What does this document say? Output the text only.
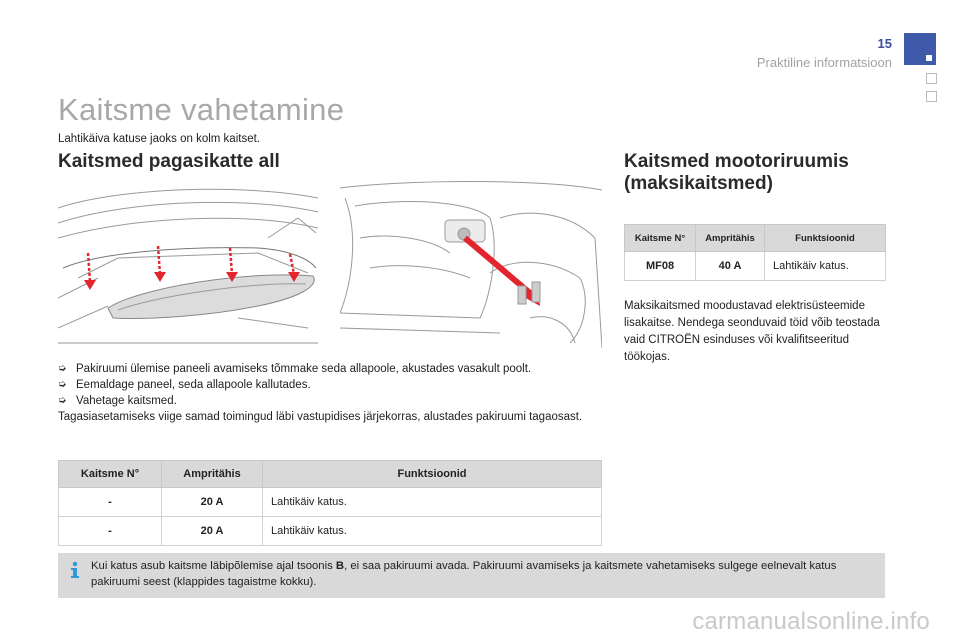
15
Praktiline informatsioon
Kaitsme vahetamine
Lahtikäiva katuse jaoks on kolm kaitset.
Kaitsmed pagasikatte all	Kaitsmed mootoriruumis (maksikaitsmed)
➭ Pakiruumi ülemise paneeli avamiseks tõmmake seda allapoole, akustades vasakult poolt.
➭ Eemaldage paneel, seda allapoole kallutades.
➭ Vahetage kaitsmed.
Tagasiasetamiseks viige samad toimingud läbi vastupidises järjekorras, alustades pakiruumi tagaosast.
Kaitsme N°	Ampritähis	Funktsioonid
-	20 A	Lahtikäiv katus.
-	20 A	Lahtikäiv katus.
Kaitsme N°	Ampritähis	Funktsioonid
MF08	40 A	Lahtikäiv katus.
Maksikaitsmed moodustavad elektrisüsteemide lisakaitse. Nendega seonduvaid töid võib teostada vaid CITROËN esinduses või kvalifitseeritud töökojas.
Kui katus asub kaitsme läbipõlemise ajal tsoonis B, ei saa pakiruumi avada. Pakiruumi avamiseks ja kaitsmete vahetamiseks sulgege eelnevalt katus pakiruumi seest (klappides tagaistme kokku).
carmanualsonline.info
